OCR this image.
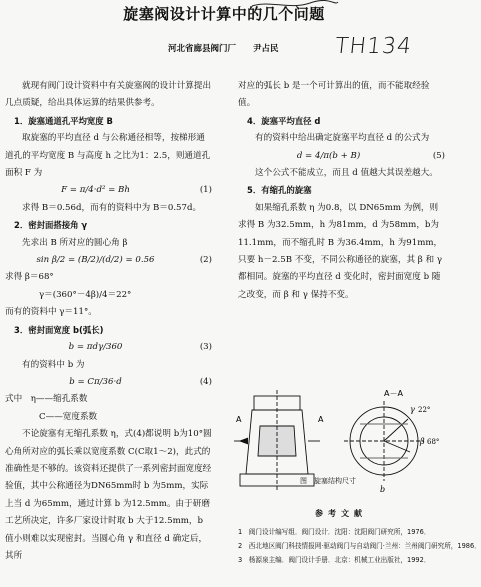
旋塞阀设计计算中的几个问题
河北省廊县阀门厂 尹占民	TH134

就现有阀门设计资料中有关旋塞阀的设计计算提出几点质疑，给出具体运算的结果供参考。

1．旋塞通道孔平均宽度 B

取旋塞的平均直径 d 与公称通径相等，按梯形通道孔的平均宽度 B 与高度 h 之比为1：2.5，则通道孔面积 F 为

F = π/4·d² = Bh	(1)

求得 B＝0.56d，而有的资料中为 B＝0.57d。

2．密封面搭接角 γ

先求出 B 所对应的圆心角 β

sin β/2 = (B/2)/(d/2) = 0.56	(2)

求得 β＝68°

γ＝(360°－4β)/4＝22°

而有的资料中 γ＝11°。

3．密封面宽度 b(弧长)

b = πdγ/360	(3)

有的资料中 b 为

b = Cπ/36·d	(4)

式中　η——缩孔系数

C——宽度系数

不论旋塞有无缩孔系数 η，式(4)都说明 b为10°圆心角所对应的弧长乘以宽度系数 C(C取1～2)，此式的准确性是不够的。该资料还提供了一系列密封面宽度经验值，其中公称通径为DN65mm时 b 为5mm，实际上当 d 为65mm，通过计算 b 为12.5mm。由于研磨工艺所决定，许多厂家设计时取 b 大于12.5mm，b 值小则难以实现密封。当圆心角 γ 和直径 d 确定后，其所

对应的弧长 b 是一个可计算出的值，而不能取经验值。

4．旋塞平均直径 d

有的资料中给出确定旋塞平均直径 d 的公式为

d = 4/π(b + B)	(5)

这个公式不能成立，而且 d 值越大其误差越大。

5．有缩孔的旋塞

如果缩孔系数 η 为0.8，以 DN65mm 为例，则求得 B 为32.5mm，h 为81mm，d 为58mm，b为11.1mm，而不缩孔时 B 为36.4mm，h 为91mm，只要 h－2.5B 不变，不同公称通径的旋塞，其 β 和 γ 都相同。旋塞的平均直径 d 变化时，密封面宽度 b 随之改变，而 β 和 γ 保持不变。

A	A
A－A
γ 22°
β 68°
b
图　旋塞结构尺寸
参考文献
1　阀门设计编写组．阀门设计．沈阳：沈阳阀门研究所，1976．
2　西北地区阀门科技情报网·驱动阀门与自动阀门·兰州：兰州阀门研究所，1986．
3　杨源泉主编．阀门设计手册．北京：机械工业出版社，1992．
